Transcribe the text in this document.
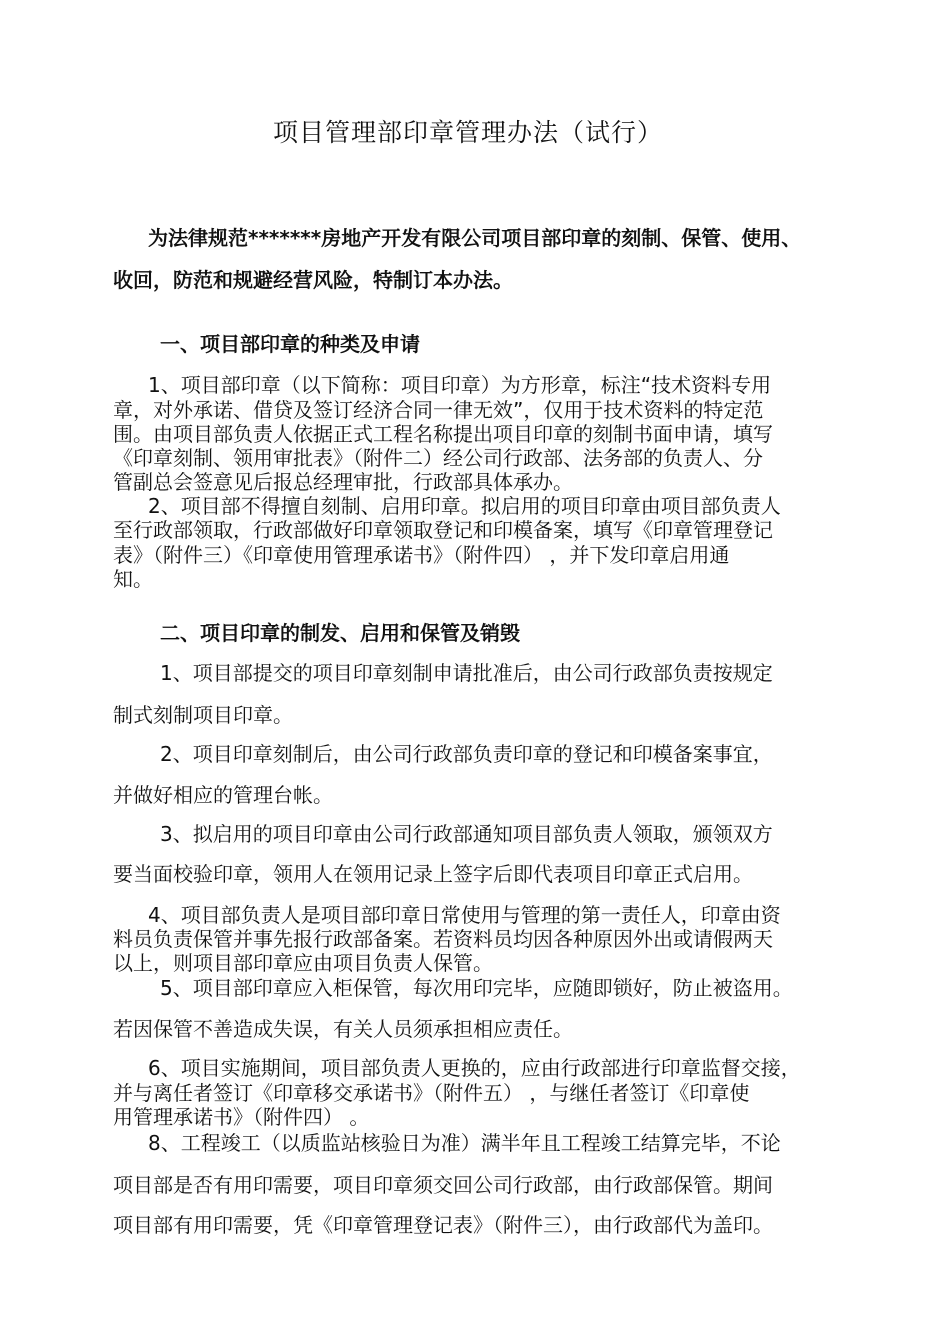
项目管理部印章管理办法（试行）
为法律规范*******房地产开发有限公司项目部印章的刻制、保管、使用、
收回，防范和规避经营风险，特制订本办法。
一、项目部印章的种类及申请
1、项目部印章（以下简称：项目印章）为方形章，标注“技术资料专用
章，对外承诺、借贷及签订经济合同一律无效”，仅用于技术资料的特定范
围。由项目部负责人依据正式工程名称提出项目印章的刻制书面申请，填写
《印章刻制、领用审批表》（附件二）经公司行政部、法务部的负责人、分
管副总会签意见后报总经理审批，行政部具体承办。
2、项目部不得擅自刻制、启用印章。拟启用的项目印章由项目部负责人
至行政部领取，行政部做好印章领取登记和印模备案，填写《印章管理登记
表》（附件三）《印章使用管理承诺书》（附件四） ，并下发印章启用通
知。
二、项目印章的制发、启用和保管及销毁
1、项目部提交的项目印章刻制申请批准后，由公司行政部负责按规定
制式刻制项目印章。
2、项目印章刻制后，由公司行政部负责印章的登记和印模备案事宜，
并做好相应的管理台帐。
3、拟启用的项目印章由公司行政部通知项目部负责人领取，颁领双方
要当面校验印章，领用人在领用记录上签字后即代表项目印章正式启用。
4、项目部负责人是项目部印章日常使用与管理的第一责任人，印章由资
料员负责保管并事先报行政部备案。若资料员均因各种原因外出或请假两天
以上，则项目部印章应由项目负责人保管。
5、项目部印章应入柜保管，每次用印完毕，应随即锁好，防止被盗用。
若因保管不善造成失误，有关人员须承担相应责任。
6、项目实施期间，项目部负责人更换的，应由行政部进行印章监督交接，
并与离任者签订《印章移交承诺书》（附件五） ，与继任者签订《印章使
用管理承诺书》（附件四） 。
8、工程竣工（以质监站核验日为准）满半年且工程竣工结算完毕，不论
项目部是否有用印需要，项目印章须交回公司行政部，由行政部保管。期间
项目部有用印需要，凭《印章管理登记表》（附件三），由行政部代为盖印。
